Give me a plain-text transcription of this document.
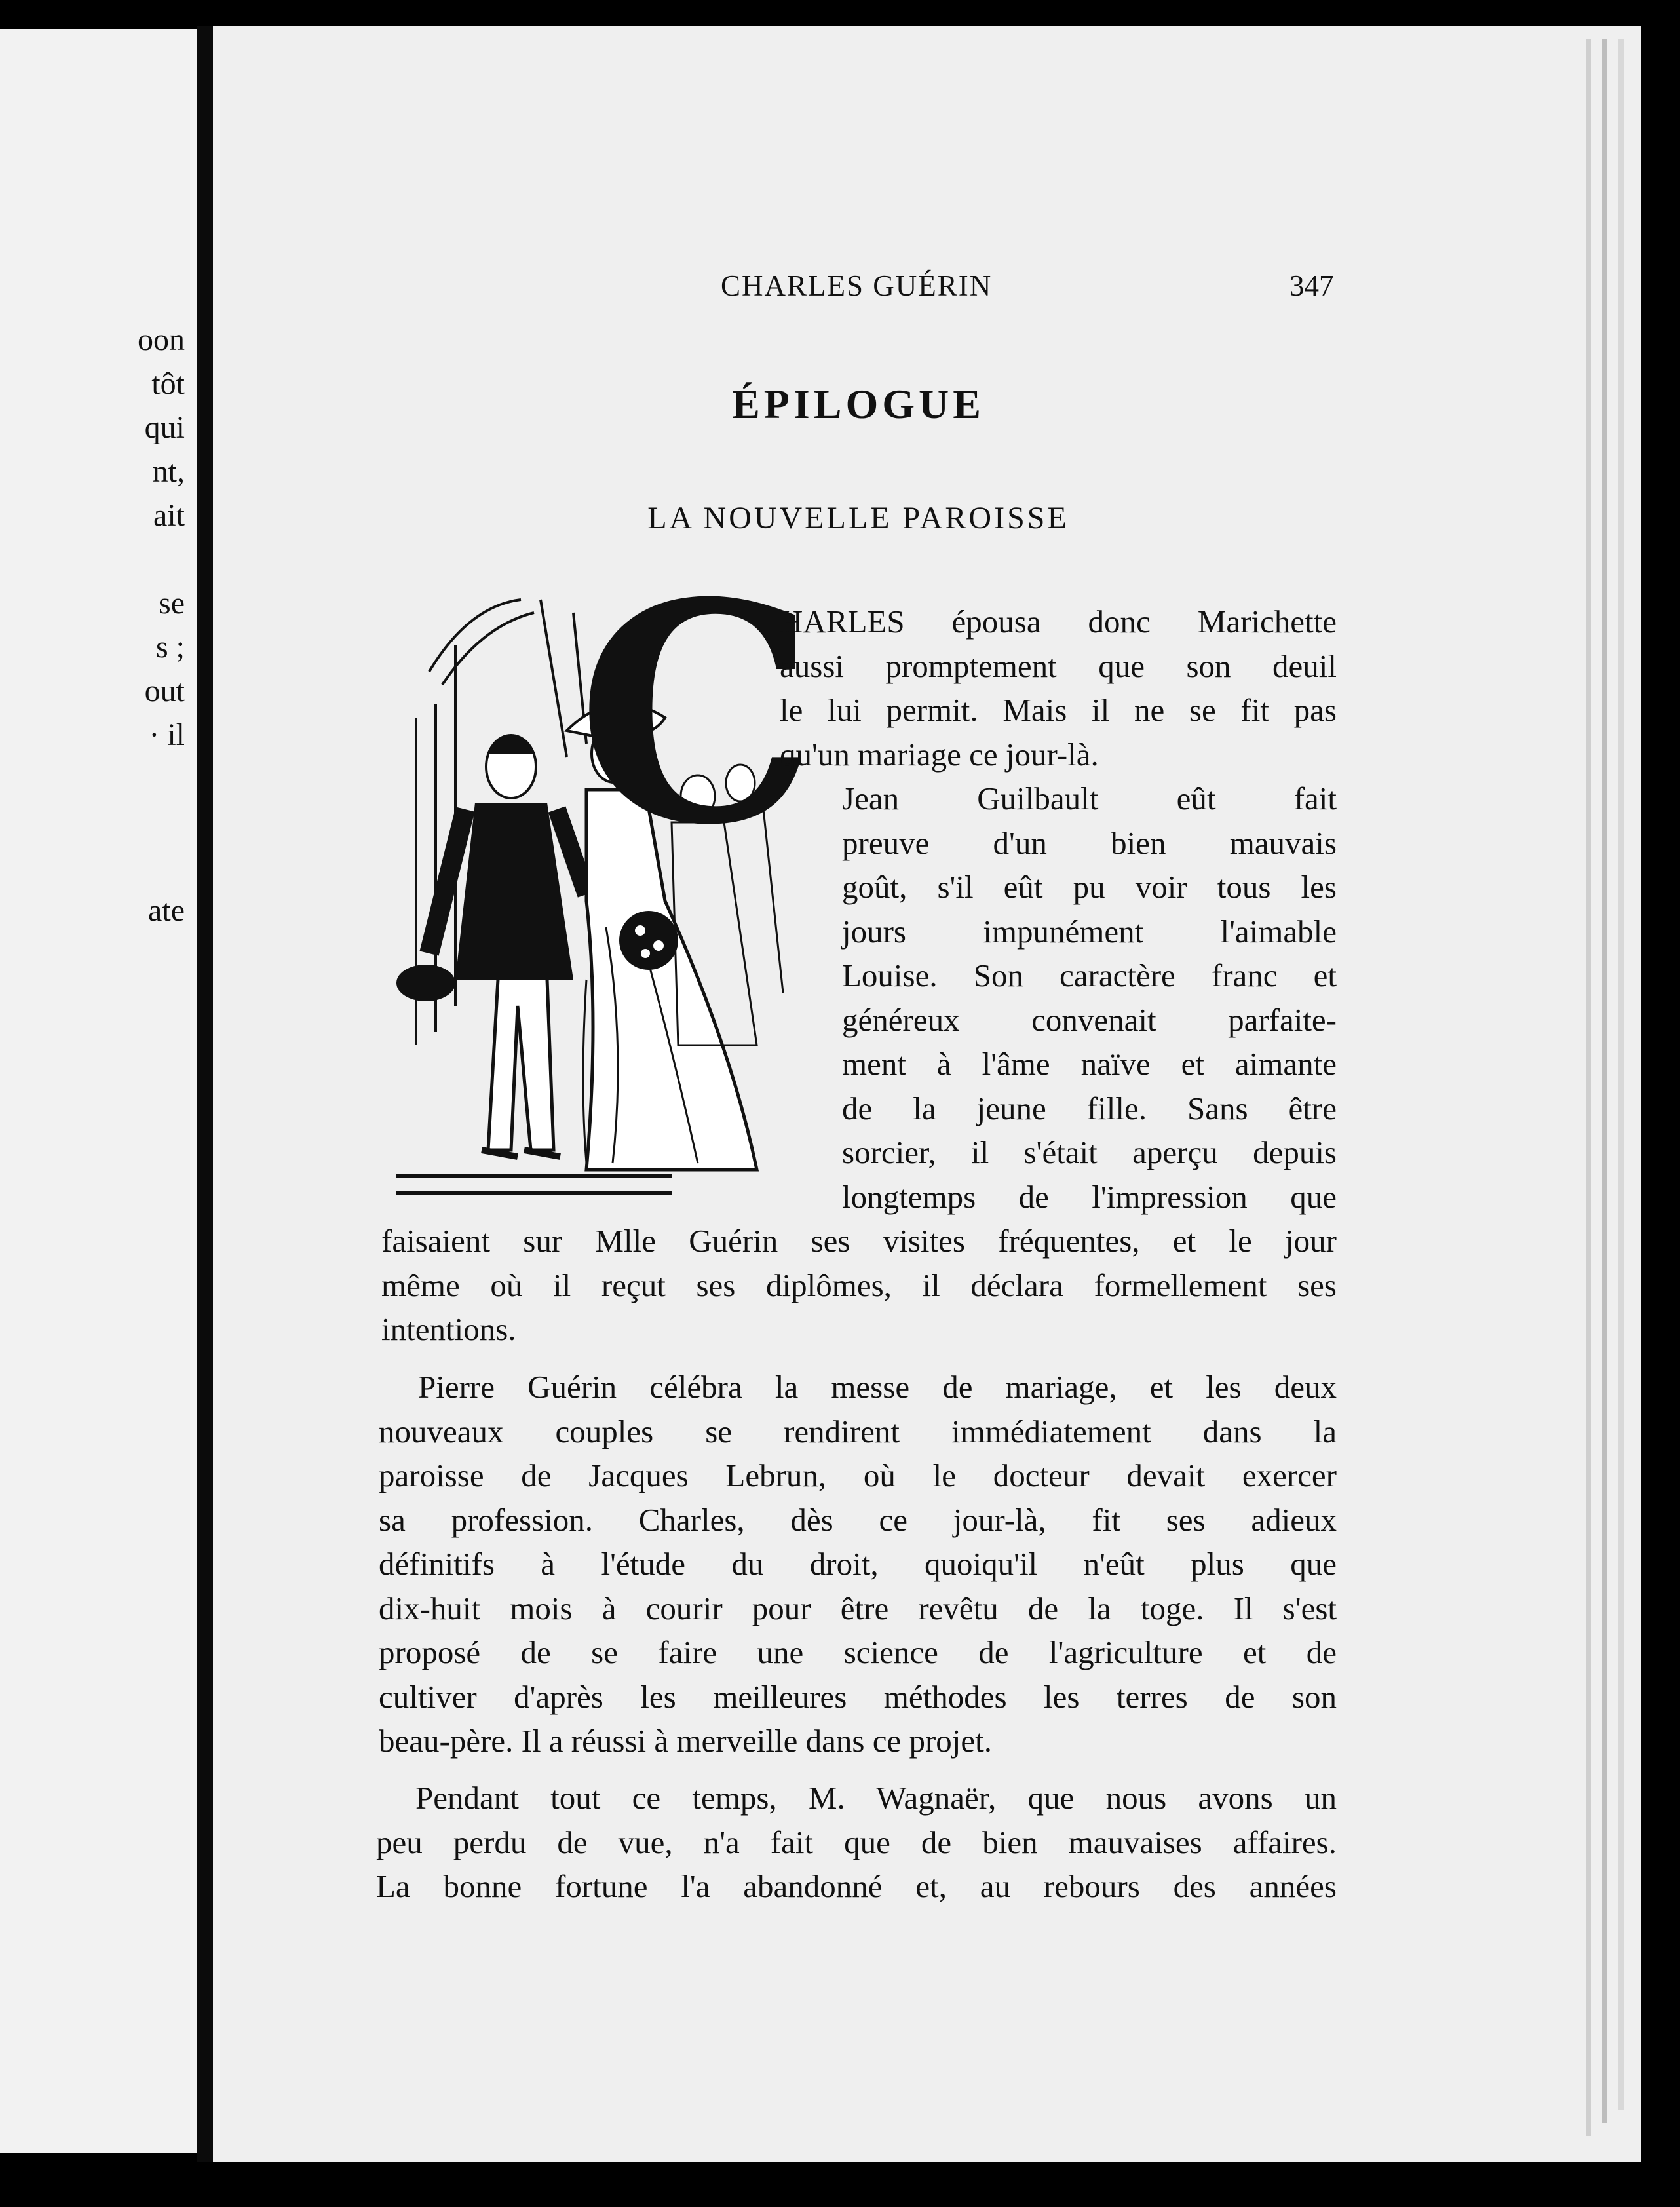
oon
tôt
qui
nt,
ait

se
s ;
out
· il

ate
CHARLES GUÉRIN	347
ÉPILOGUE
LA NOUVELLE PAROISSE
C
HARLES épousa donc Marichette
aussi promptement que son deuil
le lui permit. Mais il ne se fit pas
qu'un mariage ce jour-là.
Jean Guilbault eût fait
preuve d'un bien mauvais
goût, s'il eût pu voir tous les
jours impunément l'aimable
Louise. Son caractère franc et
généreux convenait parfaite-
ment à l'âme naïve et aimante
de la jeune fille. Sans être
sorcier, il s'était aperçu depuis
longtemps de l'impression que
faisaient sur Mlle Guérin ses visites fréquentes, et le jour
même où il reçut ses diplômes, il déclara formellement ses
intentions.
Pierre Guérin célébra la messe de mariage, et les deux
nouveaux couples se rendirent immédiatement dans la
paroisse de Jacques Lebrun, où le docteur devait exercer
sa profession. Charles, dès ce jour-là, fit ses adieux
définitifs à l'étude du droit, quoiqu'il n'eût plus que
dix-huit mois à courir pour être revêtu de la toge. Il s'est
proposé de se faire une science de l'agriculture et de
cultiver d'après les meilleures méthodes les terres de son
beau-père. Il a réussi à merveille dans ce projet.
Pendant tout ce temps, M. Wagnaër, que nous avons un
peu perdu de vue, n'a fait que de bien mauvaises affaires.
La bonne fortune l'a abandonné et, au rebours des années
